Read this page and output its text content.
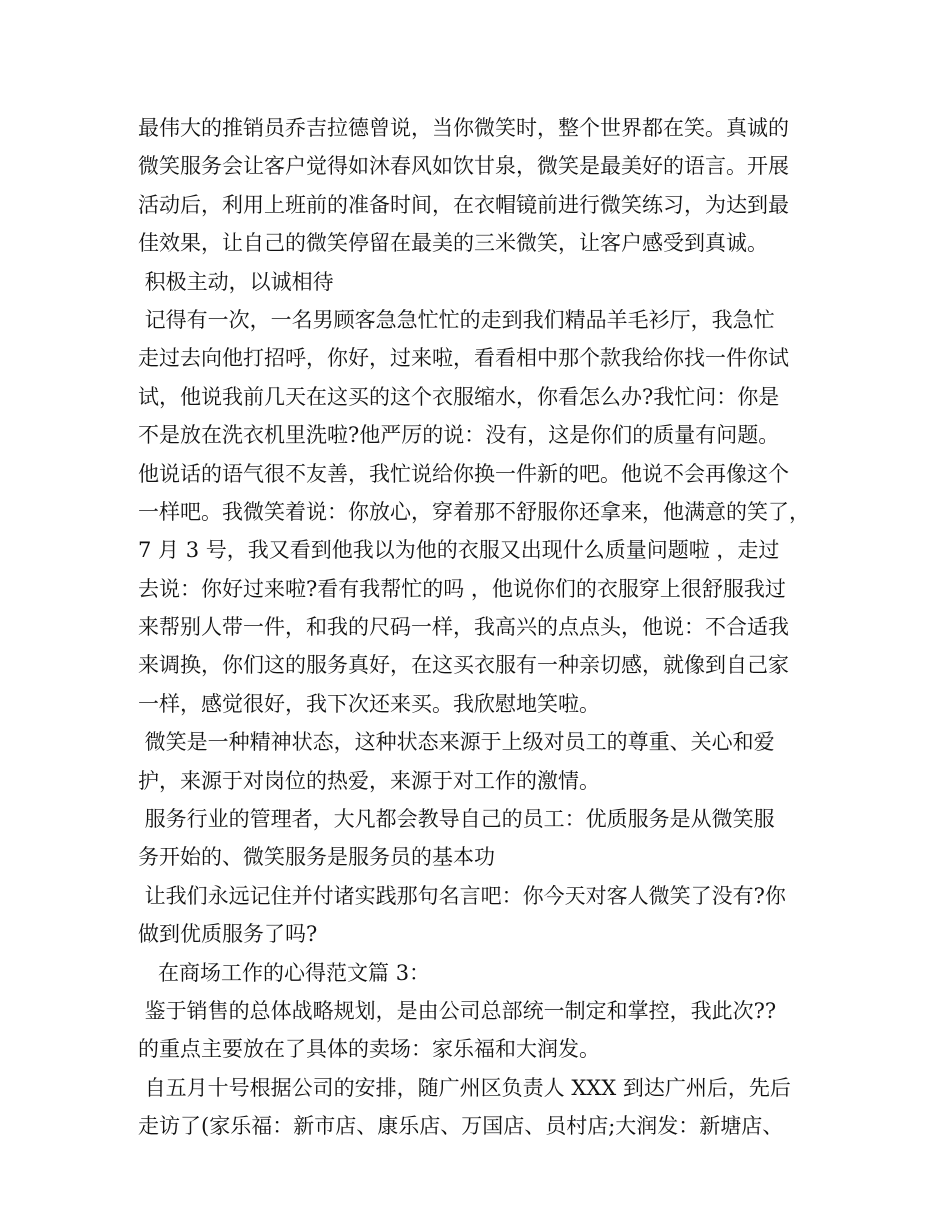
最伟大的推销员乔吉拉德曾说，当你微笑时，整个世界都在笑。真诚的
微笑服务会让客户觉得如沐春风如饮甘泉，微笑是最美好的语言。开展
活动后，利用上班前的准备时间，在衣帽镜前进行微笑练习，为达到最
佳效果，让自己的微笑停留在最美的三米微笑，让客户感受到真诚。
积极主动，以诚相待
记得有一次，一名男顾客急急忙忙的走到我们精品羊毛衫厅，我急忙
走过去向他打招呼，你好，过来啦，看看相中那个款我给你找一件你试
试，他说我前几天在这买的这个衣服缩水，你看怎么办?我忙问：你是
不是放在洗衣机里洗啦?他严厉的说：没有，这是你们的质量有问题。
他说话的语气很不友善，我忙说给你换一件新的吧。他说不会再像这个
一样吧。我微笑着说：你放心，穿着那不舒服你还拿来，他满意的笑了，
7 月 3 号，我又看到他我以为他的衣服又出现什么质量问题啦 ，走过
去说：你好过来啦?看有我帮忙的吗 ，他说你们的衣服穿上很舒服我过
来帮别人带一件，和我的尺码一样，我高兴的点点头，他说：不合适我
来调换，你们这的服务真好，在这买衣服有一种亲切感，就像到自己家
一样，感觉很好，我下次还来买。我欣慰地笑啦。
微笑是一种精神状态，这种状态来源于上级对员工的尊重、关心和爱
护，来源于对岗位的热爱，来源于对工作的激情。
服务行业的管理者，大凡都会教导自己的员工：优质服务是从微笑服
务开始的、微笑服务是服务员的基本功
让我们永远记住并付诸实践那句名言吧：你今天对客人微笑了没有?你
做到优质服务了吗?
在商场工作的心得范文篇 3：
鉴于销售的总体战略规划，是由公司总部统一制定和掌控，我此次??
的重点主要放在了具体的卖场：家乐福和大润发。
自五月十号根据公司的安排，随广州区负责人 XXX 到达广州后，先后
走访了(家乐福：新市店、康乐店、万国店、员村店;大润发：新塘店、
